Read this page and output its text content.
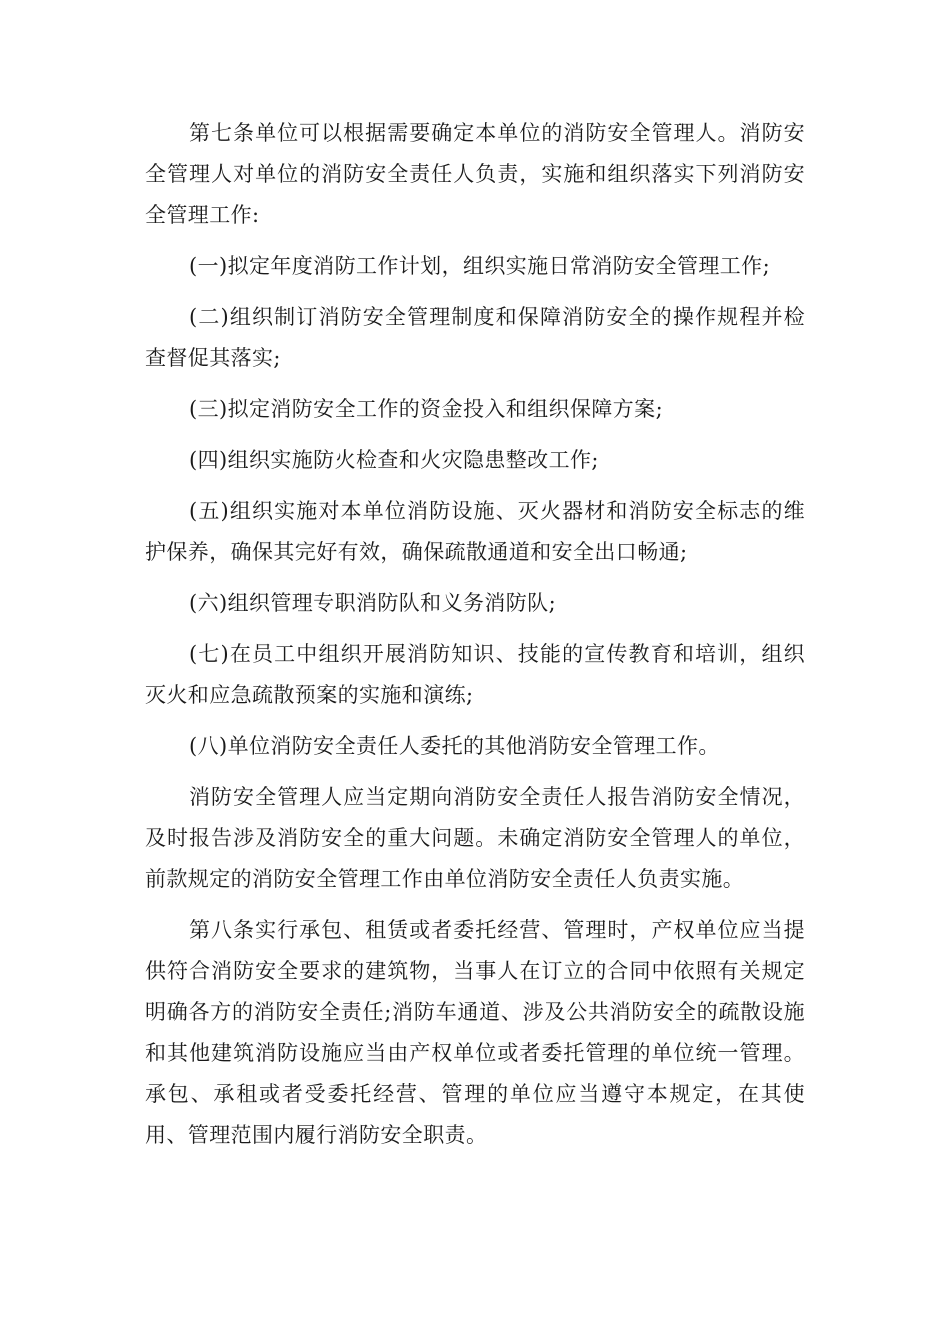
第七条单位可以根据需要确定本单位的消防安全管理人。消防安全管理人对单位的消防安全责任人负责，实施和组织落实下列消防安全管理工作:

(一)拟定年度消防工作计划，组织实施日常消防安全管理工作;

(二)组织制订消防安全管理制度和保障消防安全的操作规程并检查督促其落实;

(三)拟定消防安全工作的资金投入和组织保障方案;

(四)组织实施防火检查和火灾隐患整改工作;

(五)组织实施对本单位消防设施、灭火器材和消防安全标志的维护保养，确保其完好有效，确保疏散通道和安全出口畅通;

(六)组织管理专职消防队和义务消防队;

(七)在员工中组织开展消防知识、技能的宣传教育和培训，组织灭火和应急疏散预案的实施和演练;

(八)单位消防安全责任人委托的其他消防安全管理工作。

消防安全管理人应当定期向消防安全责任人报告消防安全情况，及时报告涉及消防安全的重大问题。未确定消防安全管理人的单位，前款规定的消防安全管理工作由单位消防安全责任人负责实施。

第八条实行承包、租赁或者委托经营、管理时，产权单位应当提供符合消防安全要求的建筑物，当事人在订立的合同中依照有关规定明确各方的消防安全责任;消防车通道、涉及公共消防安全的疏散设施和其他建筑消防设施应当由产权单位或者委托管理的单位统一管理。承包、承租或者受委托经营、管理的单位应当遵守本规定，在其使用、管理范围内履行消防安全职责。
